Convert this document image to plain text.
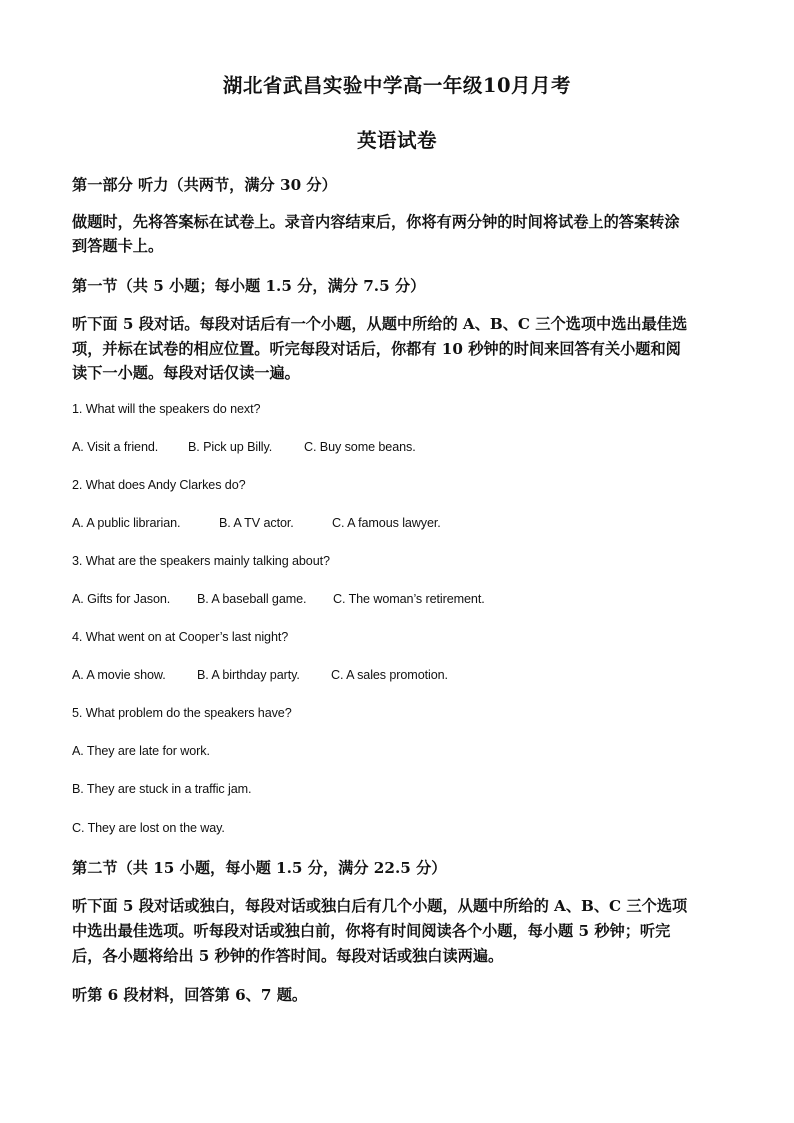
湖北省武昌实验中学高一年级10月月考
英语试卷
第一部分 听力（共两节，满分 30 分）
做题时，先将答案标在试卷上。录音内容结束后，你将有两分钟的时间将试卷上的答案转涂
到答题卡上。
第一节（共 5 小题；每小题 1.5 分，满分 7.5 分）
听下面 5 段对话。每段对话后有一个小题，从题中所给的 A、B、C 三个选项中选出最佳选
项，并标在试卷的相应位置。听完每段对话后，你都有 10 秒钟的时间来回答有关小题和阅
读下一小题。每段对话仅读一遍。
1. What will the speakers do next?
A. Visit a friend. B. Pick up Billy.	C. Buy some beans.
2. What does Andy Clarkes do?
A. A public librarian.	B. A TV actor.	C. A famous lawyer.
3. What are the speakers mainly talking about?
A. Gifts for Jason. B. A baseball game. C. The woman’s retirement.
4. What went on at Cooper’s last night?
A. A movie show. B. A birthday party. C. A sales promotion.
5. What problem do the speakers have?
A. They are late for work.
B. They are stuck in a traffic jam.
C. They are lost on the way.
第二节（共 15 小题，每小题 1.5 分，满分 22.5 分）
听下面 5 段对话或独白，每段对话或独白后有几个小题，从题中所给的 A、B、C 三个选项
中选出最佳选项。听每段对话或独白前，你将有时间阅读各个小题，每小题 5 秒钟；听完
后，各小题将给出 5 秒钟的作答时间。每段对话或独白读两遍。
听第 6 段材料，回答第 6、7 题。
